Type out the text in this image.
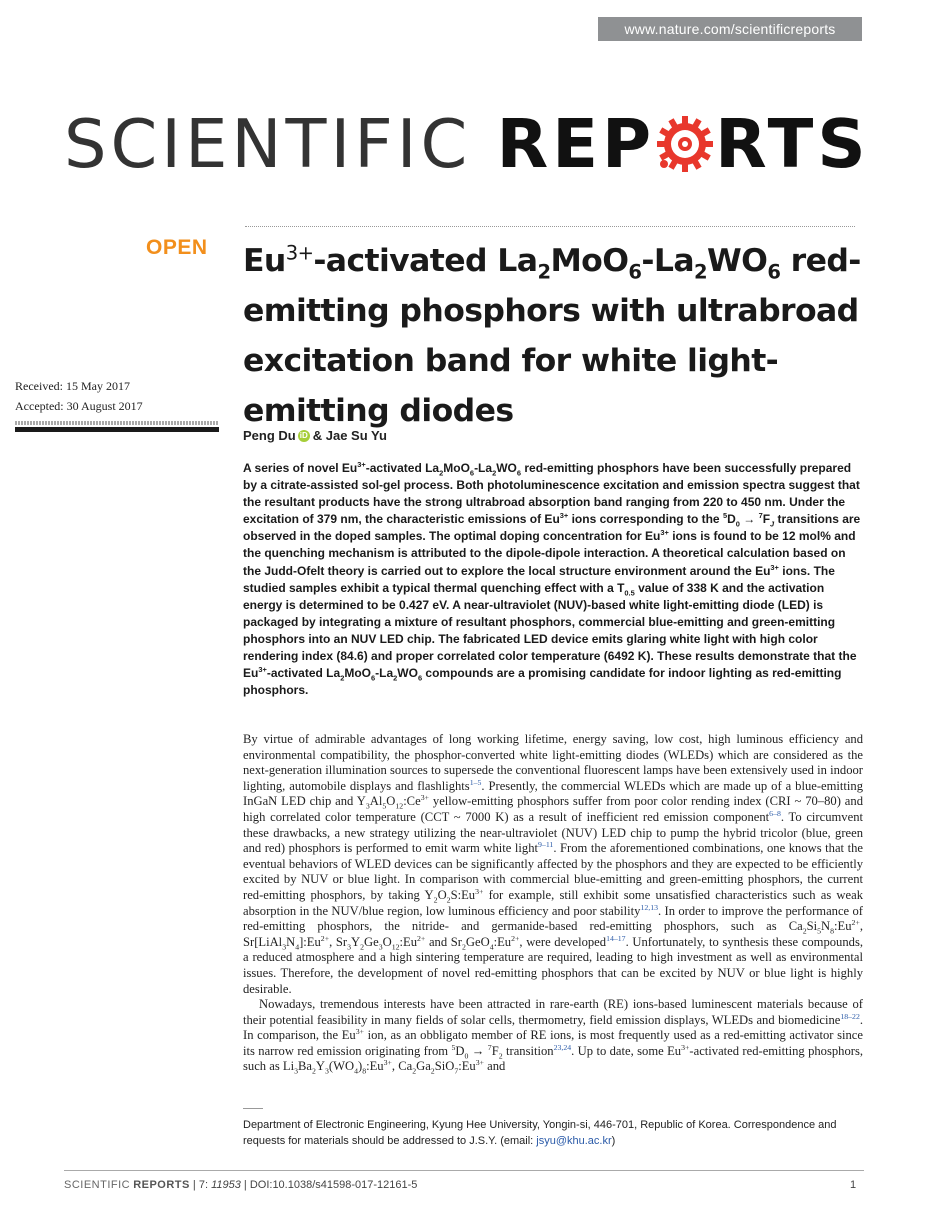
www.nature.com/scientificreports
SCIENTIFIC REP RTS
OPEN $Eu^{3+}$-activated $La_2MoO_6-La_2WO_6$ red-emitting phosphors with ultrabroad excitation band for white light-emitting diodes
Received: 15 May 2017
Accepted: 30 August 2017
Peng Du iD & Jae Su Yu

A series of novel $Eu^{3+}$-activated $La_2MoO_6-La_2WO_6$ red-emitting phosphors have been successfully prepared by a citrate-assisted sol-gel process. Both photoluminescence excitation and emission spectra suggest that the resultant products have the strong ultrabroad absorption band ranging from 220 to 450 nm. Under the excitation of 379 nm, the characteristic emissions of $Eu^{3+}$ ions corresponding to the $^5D_0 \to ^7F_J$ transitions are observed in the doped samples. The optimal doping concentration for $Eu^{3+}$ ions is found to be 12 mol% and the quenching mechanism is attributed to the dipole-dipole interaction. A theoretical calculation based on the Judd-Ofelt theory is carried out to explore the local structure environment around the $Eu^{3+}$ ions. The studied samples exhibit a typical thermal quenching effect with a $T_{0.5}$ value of 338 K and the activation energy is determined to be 0.427 eV. A near-ultraviolet (NUV)-based white light-emitting diode (LED) is packaged by integrating a mixture of resultant phosphors, commercial blue-emitting and green-emitting phosphors into an NUV LED chip. The fabricated LED device emits glaring white light with high color rendering index (84.6) and proper correlated color temperature (6492 K). These results demonstrate that the $Eu^{3+}$-activated $La_2MoO_6-La_2WO_6$ compounds are a promising candidate for indoor lighting as red-emitting phosphors.

By virtue of admirable advantages of long working lifetime, energy saving, low cost, high luminous efficiency and environmental compatibility, the phosphor-converted white light-emitting diodes (WLEDs) which are considered as the next-generation illumination sources to supersede the conventional fluorescent lamps have been extensively used in indoor lighting, automobile displays and flashlights$^{1-5}$. Presently, the commercial WLEDs which are made up of a blue-emitting InGaN LED chip and $Y_3Al_5O_{12}:Ce^{3+}$ yellow-emitting phosphors suffer from poor color rending index (CRI ~ 70–80) and high correlated color temperature (CCT ~ 7000 K) as a result of inefficient red emission component$^{6-8}$. To circumvent these drawbacks, a new strategy utilizing the near-ultraviolet (NUV) LED chip to pump the hybrid tricolor (blue, green and red) phosphors is performed to emit warm white light$^{9-11}$. From the aforementioned combinations, one knows that the eventual behaviors of WLED devices can be significantly affected by the phosphors and they are expected to be efficiently excited by NUV or blue light. In comparison with commercial blue-emitting and green-emitting phosphors, the current red-emitting phosphors, by taking $Y_2O_2S:Eu^{3+}$ for example, still exhibit some unsatisfied characteristics such as weak absorption in the NUV/blue region, low luminous efficiency and poor stability$^{12,13}$. In order to improve the performance of red-emitting phosphors, the nitride- and germanide-based red-emitting phosphors, such as $Ca_2Si_5N_8:Eu^{2+}$, $Sr[LiAl_3N_4]:Eu^{2+}$, $Sr_3Y_2Ge_3O_{12}:Eu^{2+}$ and $Sr_2GeO_4:Eu^{2+}$, were developed$^{14-17}$. Unfortunately, to synthesis these compounds, a reduced atmosphere and a high sintering temperature are required, leading to high investment as well as environmental issues. Therefore, the development of novel red-emitting phosphors that can be excited by NUV or blue light is highly desirable.

Nowadays, tremendous interests have been attracted in rare-earth (RE) ions-based luminescent materials because of their potential feasibility in many fields of solar cells, thermometry, field emission displays, WLEDs and biomedicine$^{18-22}$. In comparison, the $Eu^{3+}$ ion, as an obbligato member of RE ions, is most frequently used as a red-emitting activator since its narrow red emission originating from $^5D_0 \to ^7F_2$ transition$^{23,24}$. Up to date, some $Eu^{3+}$-activated red-emitting phosphors, such as $Li_3Ba_2Y_3(WO_4)_8:Eu^{3+}$, $Ca_2Ga_2SiO_7:Eu^{3+}$ and

Department of Electronic Engineering, Kyung Hee University, Yongin-si, 446-701, Republic of Korea. Correspondence and requests for materials should be addressed to J.S.Y. (email: jsyu@khu.ac.kr)
SCIENTIFIC REPORTS | 7: 11953 | DOI:10.1038/s41598-017-12161-5	1
